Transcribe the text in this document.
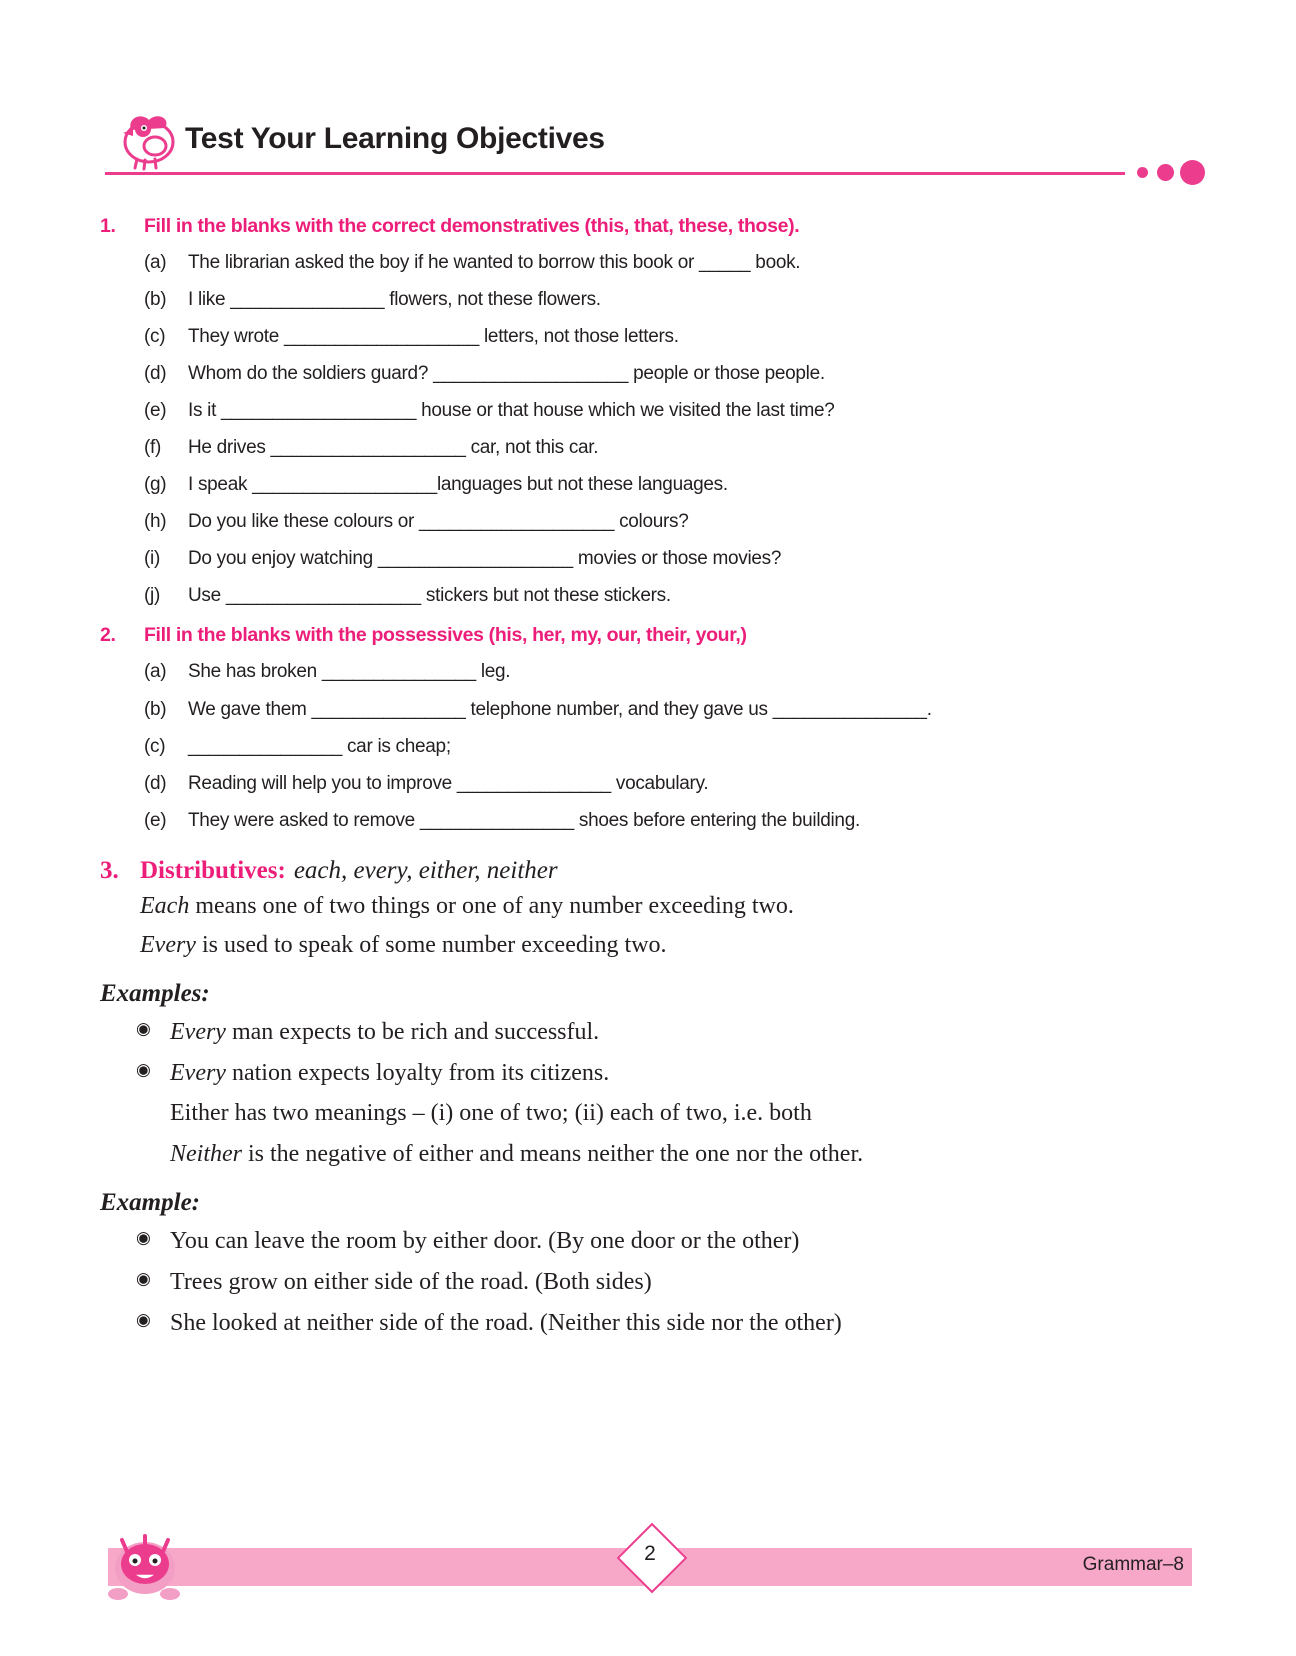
Test Your Learning Objectives
1.	Fill in the blanks with the correct demonstratives (this, that, these, those).
(a)	The librarian asked the boy if he wanted to borrow this book or _____ book.
(b)	I like _______________ flowers, not these flowers.
(c)	They wrote ___________________ letters, not those letters.
(d)	Whom do the soldiers guard? ___________________ people or those people.
(e)	Is it ___________________ house or that house which we visited the last time?
(f)	He drives ___________________ car, not this car.
(g)	I speak __________________languages but not these languages.
(h)	Do you like these colours or ___________________ colours?
(i)	Do you enjoy watching ___________________ movies or those movies?
(j)	Use ___________________ stickers but not these stickers.
2.	Fill in the blanks with the possessives (his, her, my, our, their, your,)
(a)	She has broken _______________ leg.
(b)	We gave them _______________ telephone number, and they gave us _______________.
(c)	_______________ car is cheap;
(d)	Reading will help you to improve _______________ vocabulary.
(e)	They were asked to remove _______________ shoes before entering the building.
3. Distributives: each, every, either, neither
Each means one of two things or one of any number exceeding two.
Every is used to speak of some number exceeding two.
Examples:
◉ Every man expects to be rich and successful.
◉ Every nation expects loyalty from its citizens.
Either has two meanings – (i) one of two; (ii) each of two, i.e. both
Neither is the negative of either and means neither the one nor the other.
Example:
◉ You can leave the room by either door. (By one door or the other)
◉ Trees grow on either side of the road. (Both sides)
◉ She looked at neither side of the road. (Neither this side nor the other)
2	Grammar–8
